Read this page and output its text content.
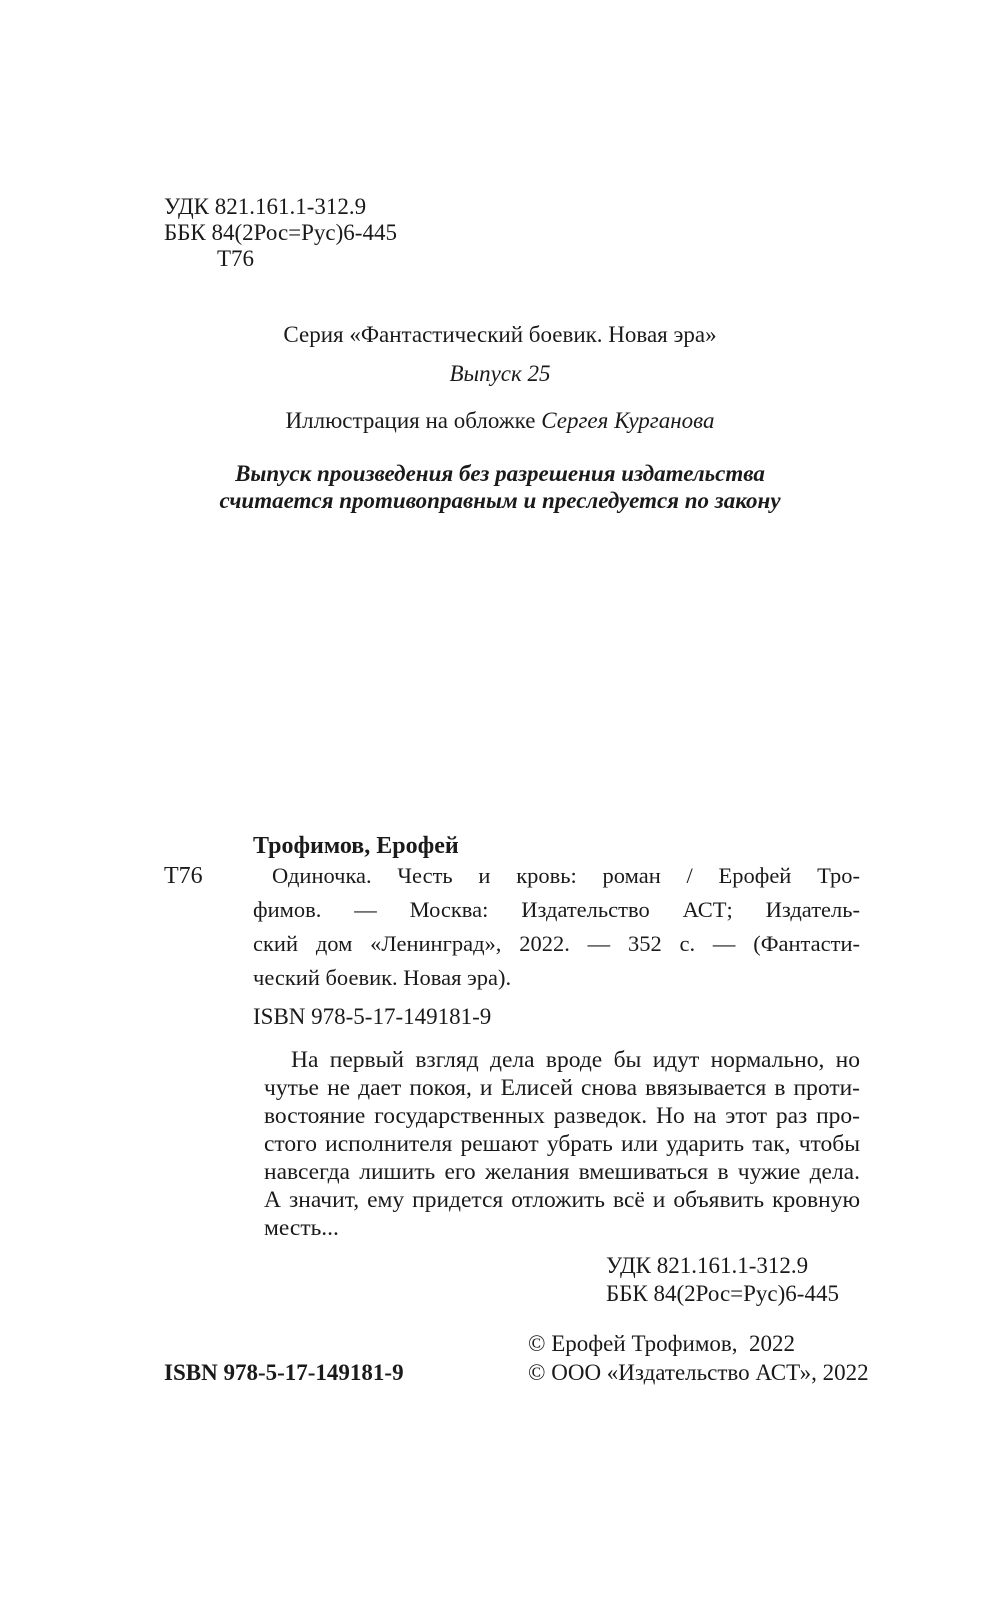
УДК 821.161.1-312.9

ББК 84(2Рос=Рус)6-445

Т76

Серия «Фантастический боевик. Новая эра»

Выпуск 25

Иллюстрация на обложке Сергея Курганова

Выпуск произведения без разрешения издательства

считается противоправным и преследуется по закону

Трофимов, Ерофей

Т76	Одиночка. Честь и кровь: роман / Ерофей Тро-

фимов. — Москва: Издательство АСТ; Издатель-

ский дом «Ленинград», 2022. — 352 с. — (Фантасти-

ческий боевик. Новая эра).

ISBN 978-5-17-149181-9

На первый взгляд дела вроде бы идут нормально, но

чутье не дает покоя, и Елисей снова ввязывается в проти-

востояние государственных разведок. Но на этот раз про-

стого исполнителя решают убрать или ударить так, чтобы

навсегда лишить его желания вмешиваться в чужие дела.

А значит, ему придется отложить всё и объявить кровную

месть...

УДК 821.161.1-312.9

ББК 84(2Рос=Рус)6-445

ISBN 978-5-17-149181-9

© Ерофей Трофимов,  2022

© ООО «Издательство АСТ», 2022
